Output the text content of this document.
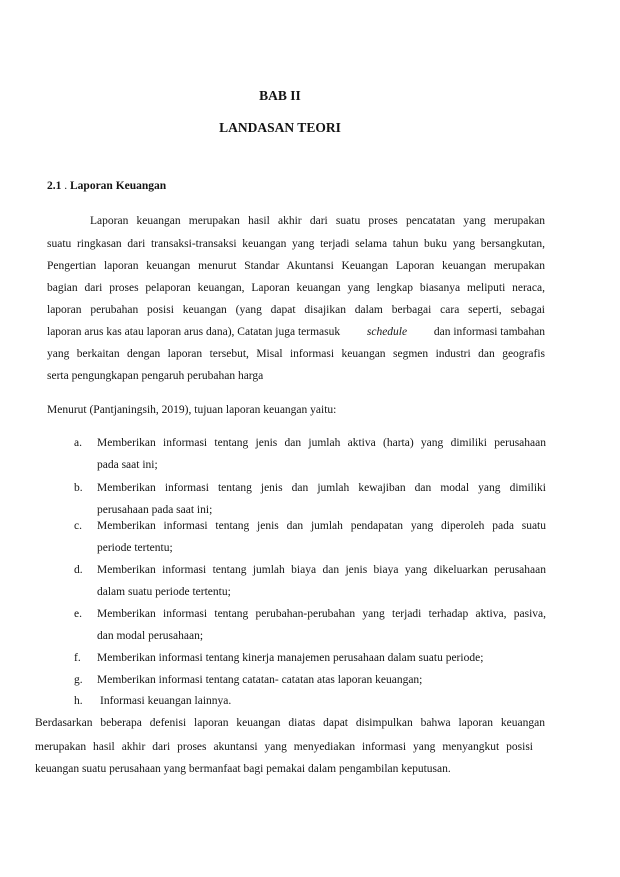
BAB II
LANDASAN TEORI
2.1 . Laporan Keuangan
Laporan keuangan merupakan hasil akhir dari suatu proses pencatatan yang merupakan
suatu ringkasan dari transaksi-transaksi keuangan yang terjadi selama tahun buku yang bersangkutan,
Pengertian laporan keuangan menurut Standar Akuntansi Keuangan Laporan keuangan merupakan
bagian dari proses pelaporan keuangan, Laporan keuangan yang lengkap biasanya meliputi neraca,
laporan perubahan posisi keuangan (yang dapat disajikan dalam berbagai cara seperti, sebagai
laporan arus kas atau laporan arus dana), Catatan juga termasuk schedule dan informasi tambahan
yang berkaitan dengan laporan tersebut, Misal informasi keuangan segmen industri dan geografis
serta pengungkapan pengaruh perubahan harga
Menurut (Pantjaningsih, 2019), tujuan laporan keuangan yaitu:
a. Memberikan informasi tentang jenis dan jumlah aktiva (harta) yang dimiliki perusahaan
pada saat ini;
b. Memberikan informasi tentang jenis dan jumlah kewajiban dan modal yang dimiliki
perusahaan pada saat ini;
c. Memberikan informasi tentang jenis dan jumlah pendapatan yang diperoleh pada suatu
periode tertentu;
d. Memberikan informasi tentang jumlah biaya dan jenis biaya yang dikeluarkan perusahaan
dalam suatu periode tertentu;
e. Memberikan informasi tentang perubahan-perubahan yang terjadi terhadap aktiva, pasiva,
dan modal perusahaan;
f. Memberikan informasi tentang kinerja manajemen perusahaan dalam suatu periode;
g. Memberikan informasi tentang catatan- catatan atas laporan keuangan;
h. Informasi keuangan lainnya.
Berdasarkan beberapa defenisi laporan keuangan diatas dapat disimpulkan bahwa laporan keuangan
merupakan hasil akhir dari proses akuntansi yang menyediakan informasi yang menyangkut posisi
keuangan suatu perusahaan yang bermanfaat bagi pemakai dalam pengambilan keputusan.
